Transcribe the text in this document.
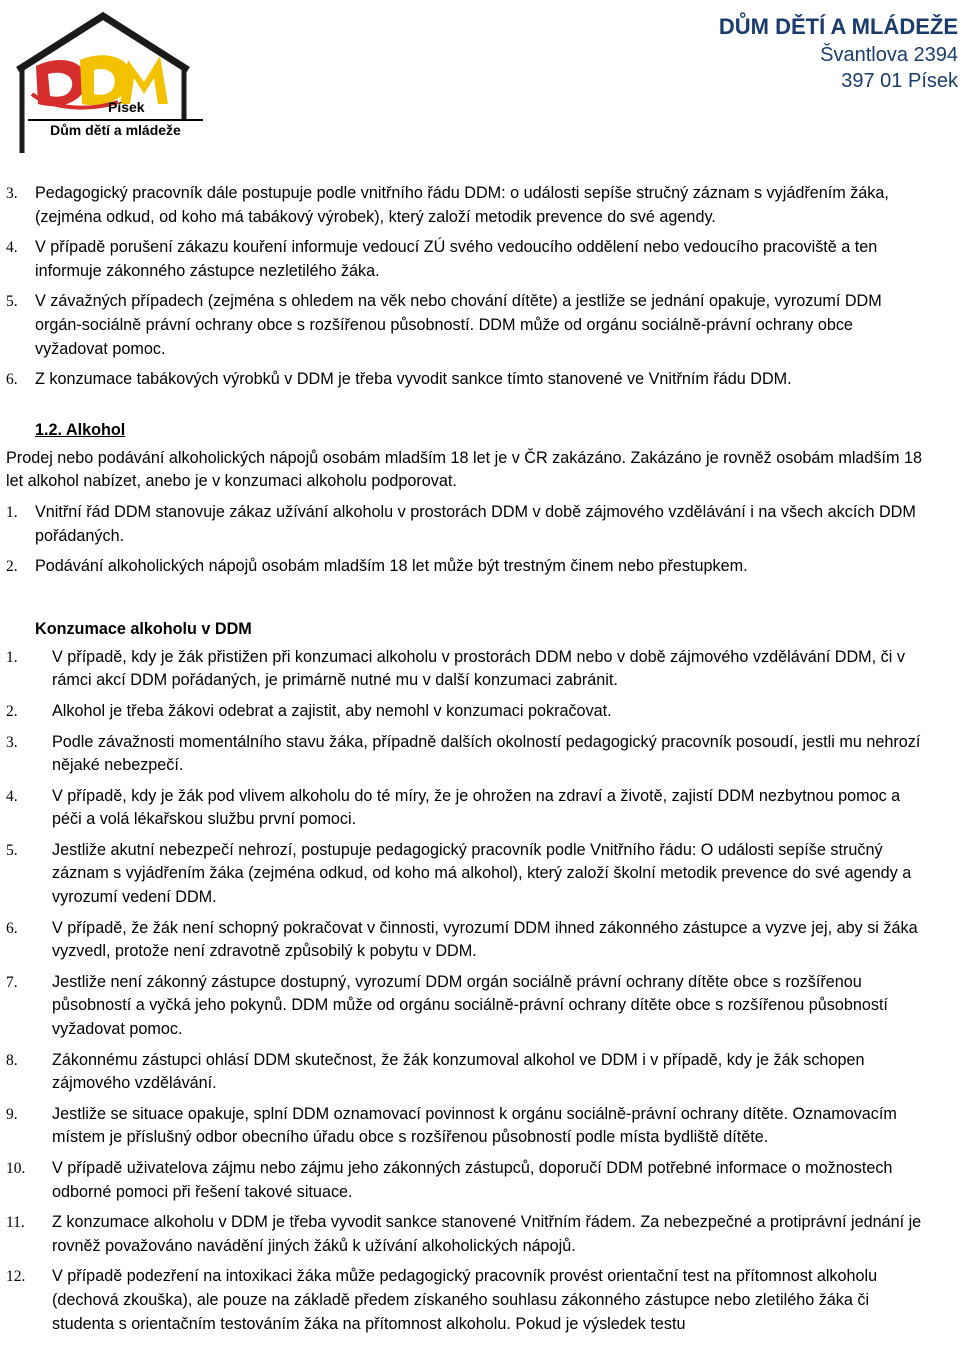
Písek
Dům dětí a mládeže
DŮM DĚTÍ A MLÁDEŽE
Švantlova 2394
397 01 Písek
3. Pedagogický pracovník dále postupuje podle vnitřního řádu DDM: o události sepíše stručný záznam s vyjádřením žáka, (zejména odkud, od koho má tabákový výrobek), který založí metodik prevence do své agendy.
4. V případě porušení zákazu kouření informuje vedoucí ZÚ svého vedoucího oddělení nebo vedoucího pracoviště a ten informuje zákonného zástupce nezletilého žáka.
5. V závažných případech (zejména s ohledem na věk nebo chování dítěte) a jestliže se jednání opakuje, vyrozumí DDM orgán-sociálně právní ochrany obce s rozšířenou působností. DDM může od orgánu sociálně-právní ochrany obce vyžadovat pomoc.
6. Z konzumace tabákových výrobků v DDM je třeba vyvodit sankce tímto stanovené ve Vnitřním řádu DDM.
1.2. Alkohol
Prodej nebo podávání alkoholických nápojů osobám mladším 18 let je v ČR zakázáno. Zakázáno je rovněž osobám mladším 18 let alkohol nabízet, anebo je v konzumaci alkoholu podporovat.
1. Vnitřní řád DDM stanovuje zákaz užívání alkoholu v prostorách DDM v době zájmového vzdělávání i na všech akcích DDM pořádaných.
2. Podávání alkoholických nápojů osobám mladším 18 let může být trestným činem nebo přestupkem.
Konzumace alkoholu v DDM
1. V případě, kdy je žák přistižen při konzumaci alkoholu v prostorách DDM nebo v době zájmového vzdělávání DDM, či v rámci akcí DDM pořádaných, je primárně nutné mu v další konzumaci zabránit.
2. Alkohol je třeba žákovi odebrat a zajistit, aby nemohl v konzumaci pokračovat.
3. Podle závažnosti momentálního stavu žáka, případně dalších okolností pedagogický pracovník posoudí, jestli mu nehrozí nějaké nebezpečí.
4. V případě, kdy je žák pod vlivem alkoholu do té míry, že je ohrožen na zdraví a životě, zajistí DDM nezbytnou pomoc a péči a volá lékařskou službu první pomoci.
5. Jestliže akutní nebezpečí nehrozí, postupuje pedagogický pracovník podle Vnitřního řádu: O události sepíše stručný záznam s vyjádřením žáka (zejména odkud, od koho má alkohol), který založí školní metodik prevence do své agendy a vyrozumí vedení DDM.
6. V případě, že žák není schopný pokračovat v činnosti, vyrozumí DDM ihned zákonného zástupce a vyzve jej, aby si žáka vyzvedl, protože není zdravotně způsobilý k pobytu v DDM.
7. Jestliže není zákonný zástupce dostupný, vyrozumí DDM orgán sociálně právní ochrany dítěte obce s rozšířenou působností a vyčká jeho pokynů. DDM může od orgánu sociálně-právní ochrany dítěte obce s rozšířenou působností vyžadovat pomoc.
8. Zákonnému zástupci ohlásí DDM skutečnost, že žák konzumoval alkohol ve DDM i v případě, kdy je žák schopen zájmového vzdělávání.
9. Jestliže se situace opakuje, splní DDM oznamovací povinnost k orgánu sociálně-právní ochrany dítěte. Oznamovacím místem je příslušný odbor obecního úřadu obce s rozšířenou působností podle místa bydliště dítěte.
10. V případě uživatelova zájmu nebo zájmu jeho zákonných zástupců, doporučí DDM potřebné informace o možnostech odborné pomoci při řešení takové situace.
11. Z konzumace alkoholu v DDM je třeba vyvodit sankce stanovené Vnitřním řádem. Za nebezpečné a protiprávní jednání je rovněž považováno navádění jiných žáků k užívání alkoholických nápojů.
12. V případě podezření na intoxikaci žáka může pedagogický pracovník provést orientační test na přítomnost alkoholu (dechová zkouška), ale pouze na základě předem získaného souhlasu zákonného zástupce nebo zletilého žáka či studenta s orientačním testováním žáka na přítomnost alkoholu. Pokud je výsledek testu
